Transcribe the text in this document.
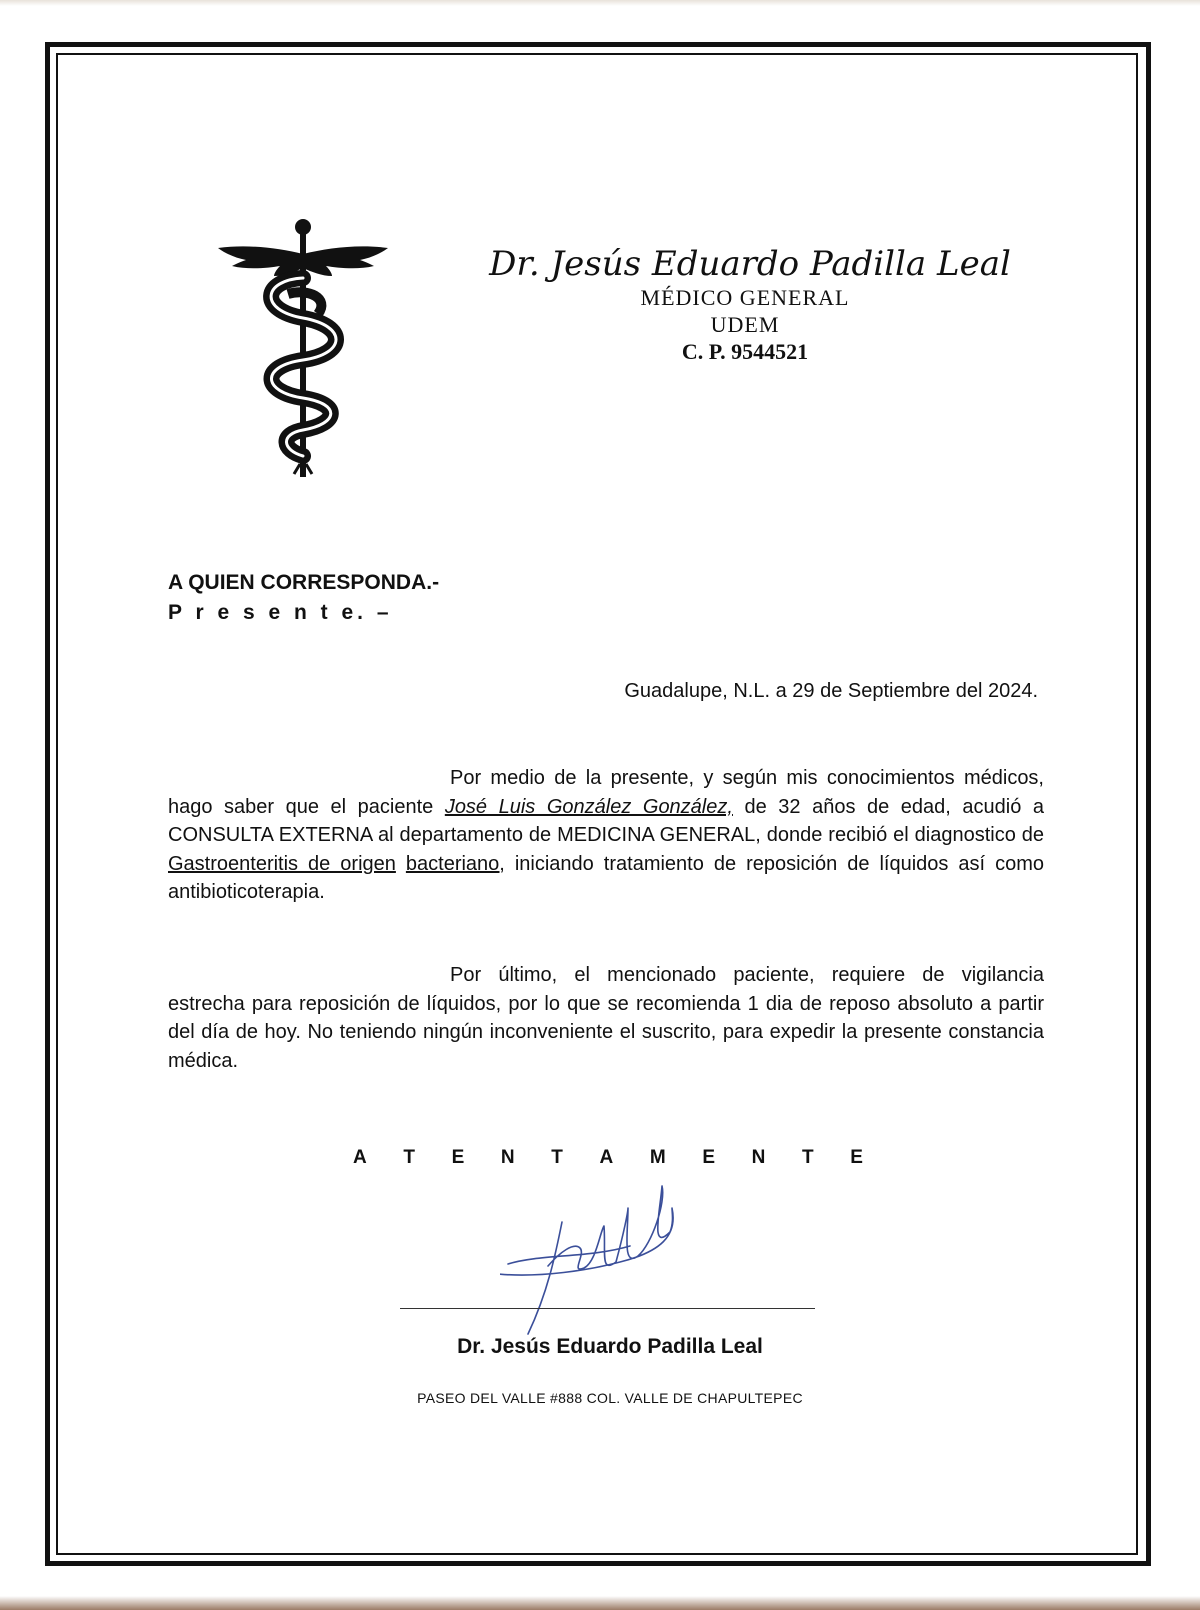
Dr. Jesús Eduardo Padilla Leal
MÉDICO GENERAL
UDEM
C. P. 9544521
A QUIEN CORRESPONDA.-
P r e s e n t e. –
Guadalupe, N.L. a 29 de Septiembre del 2024.
Por medio de la presente, y según mis conocimientos médicos, hago saber que el paciente José Luis González González, de 32 años de edad, acudió a CONSULTA EXTERNA al departamento de MEDICINA GENERAL, donde recibió el diagnostico de Gastroenteritis de origen bacteriano, iniciando tratamiento de reposición de líquidos así como antibioticoterapia.
Por último, el mencionado paciente, requiere de vigilancia estrecha para reposición de líquidos, por lo que se recomienda 1 dia de reposo absoluto a partir del día de hoy. No teniendo ningún inconveniente el suscrito, para expedir la presente constancia médica.
A T E N T A M E N T E
Dr. Jesús Eduardo Padilla Leal
PASEO DEL VALLE #888 COL. VALLE DE CHAPULTEPEC
